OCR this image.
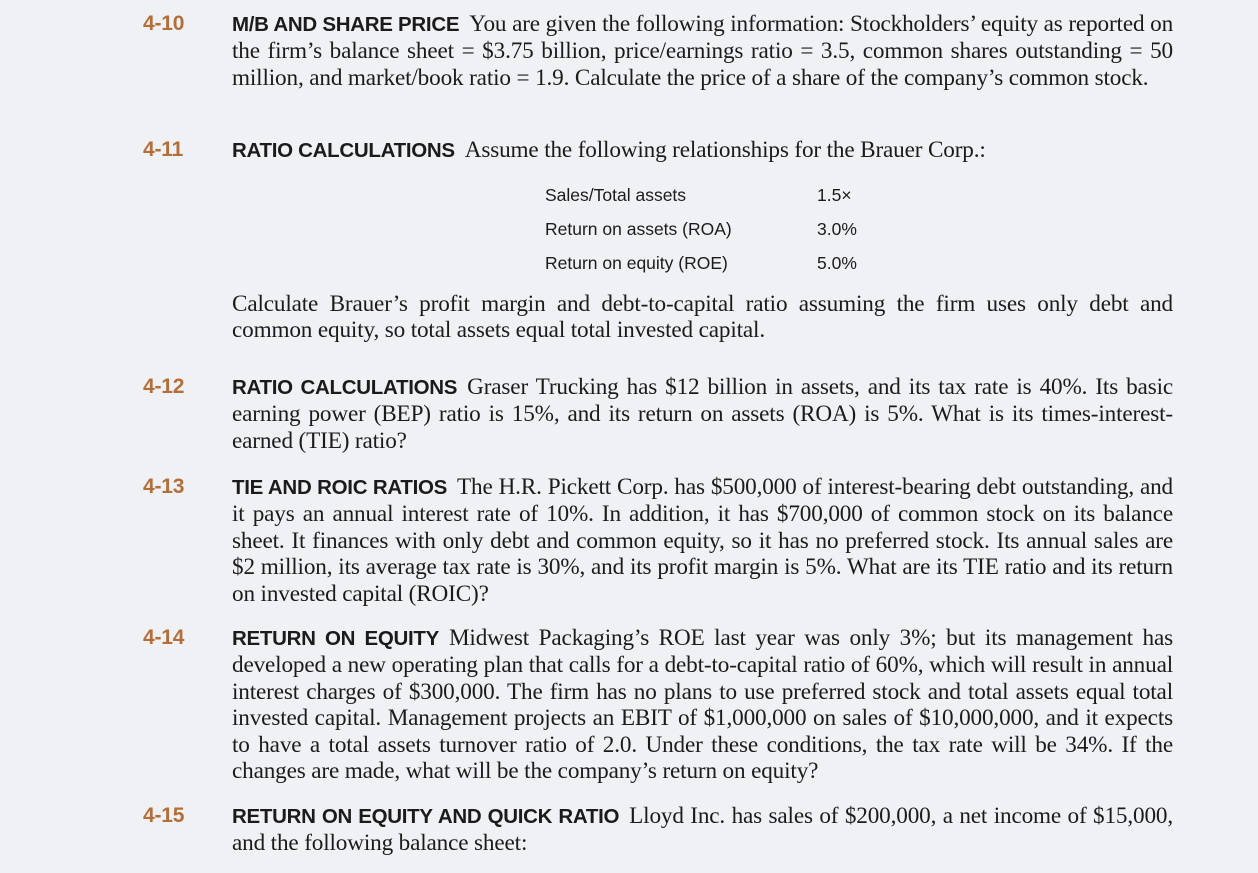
4-10 M/B AND SHARE PRICE You are given the following information: Stockholders’ equity as reported on the firm’s balance sheet = $3.75 billion, price/earnings ratio = 3.5, common shares outstanding = 50 million, and market/book ratio = 1.9. Calculate the price of a share of the company’s common stock.
4-11 RATIO CALCULATIONS Assume the following relationships for the Brauer Corp.:
Sales/Total assets	1.5×
Return on assets (ROA)	3.0%
Return on equity (ROE)	5.0%
Calculate Brauer’s profit margin and debt-to-capital ratio assuming the firm uses only debt and common equity, so total assets equal total invested capital.
4-12 RATIO CALCULATIONS Graser Trucking has $12 billion in assets, and its tax rate is 40%. Its basic earning power (BEP) ratio is 15%, and its return on assets (ROA) is 5%. What is its times-interest-earned (TIE) ratio?
4-13 TIE AND ROIC RATIOS The H.R. Pickett Corp. has $500,000 of interest-bearing debt outstanding, and it pays an annual interest rate of 10%. In addition, it has $700,000 of common stock on its balance sheet. It finances with only debt and common equity, so it has no preferred stock. Its annual sales are $2 million, its average tax rate is 30%, and its profit margin is 5%. What are its TIE ratio and its return on invested capital (ROIC)?
4-14 RETURN ON EQUITY Midwest Packaging’s ROE last year was only 3%; but its management has developed a new operating plan that calls for a debt-to-capital ratio of 60%, which will result in annual interest charges of $300,000. The firm has no plans to use preferred stock and total assets equal total invested capital. Management projects an EBIT of $1,000,000 on sales of $10,000,000, and it expects to have a total assets turnover ratio of 2.0. Under these conditions, the tax rate will be 34%. If the changes are made, what will be the company’s return on equity?
4-15 RETURN ON EQUITY AND QUICK RATIO Lloyd Inc. has sales of $200,000, a net income of $15,000, and the following balance sheet:
